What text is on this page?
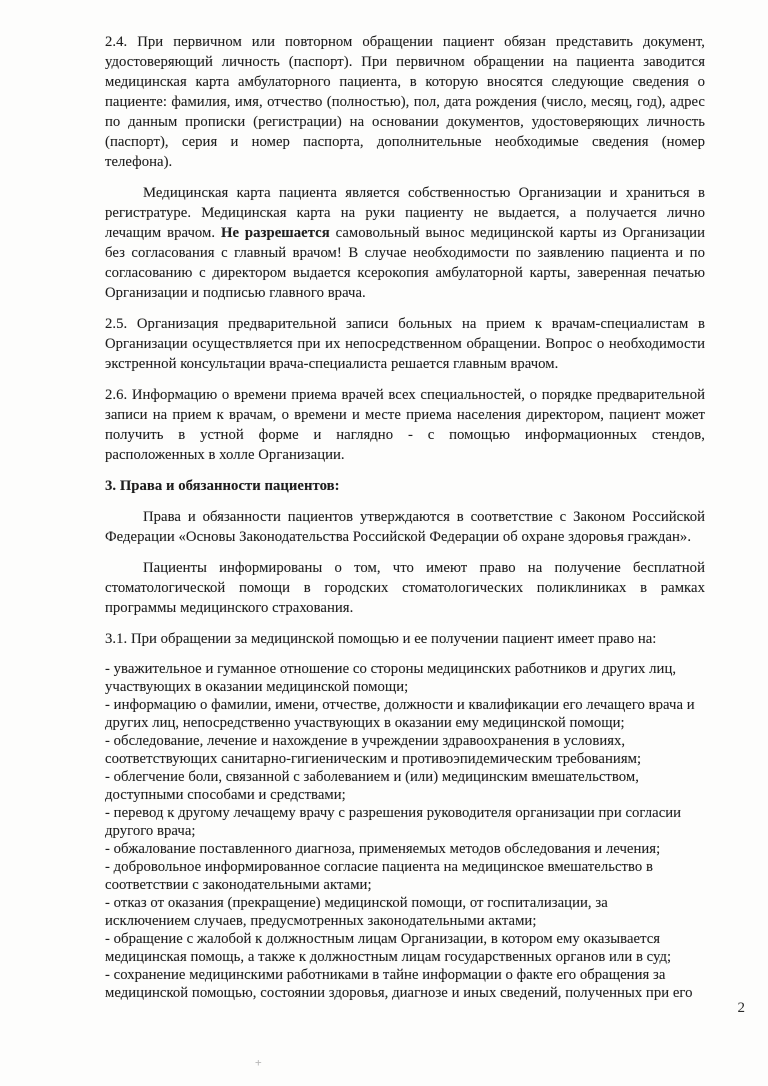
2.4. При первичном или повторном обращении пациент обязан представить документ,
удостоверяющий личность (паспорт). При первичном обращении на пациента заводится
медицинская карта амбулаторного пациента, в которую вносятся следующие сведения о
пациенте: фамилия, имя, отчество (полностью), пол, дата рождения (число, месяц, год), адрес
по данным прописки (регистрации) на основании документов, удостоверяющих личность
(паспорт), серия и номер паспорта, дополнительные необходимые сведения (номер
телефона).
Медицинская карта пациента является собственностью Организации и храниться в
регистратуре. Медицинская карта на руки пациенту не выдается, а получается лично
лечащим врачом. Не разрешается самовольный вынос медицинской карты из Организации
без согласования с главный врачом! В случае необходимости по заявлению пациента и по
согласованию с директором выдается ксерокопия амбулаторной карты, заверенная печатью
Организации и подписью главного врача.
2.5. Организация предварительной записи больных на прием к врачам-специалистам в
Организации осуществляется при их непосредственном обращении. Вопрос о необходимости
экстренной консультации врача-специалиста решается главным врачом.
2.6. Информацию о времени приема врачей всех специальностей, о порядке предварительной
записи на прием к врачам, о времени и месте приема населения директором, пациент может
получить в устной форме и наглядно - с помощью информационных стендов,
расположенных в холле Организации.
3. Права и обязанности пациентов:
Права и обязанности пациентов утверждаются в соответствие с Законом Российской
Федерации «Основы Законодательства Российской Федерации об охране здоровья граждан».
Пациенты информированы о том, что имеют право на получение бесплатной
стоматологической помощи в городских стоматологических поликлиниках в рамках
программы медицинского страхования.
3.1. При обращении за медицинской помощью и ее получении пациент имеет право на:
- уважительное и гуманное отношение со стороны медицинских работников и других лиц,
участвующих в оказании медицинской помощи;
- информацию о фамилии, имени, отчестве, должности и квалификации его лечащего врача и
других лиц, непосредственно участвующих в оказании ему медицинской помощи;
- обследование, лечение и нахождение в учреждении здравоохранения в условиях,
соответствующих санитарно-гигиеническим и противоэпидемическим требованиям;
- облегчение боли, связанной с заболеванием и (или) медицинским вмешательством,
доступными способами и средствами;
- перевод к другому лечащему врачу с разрешения руководителя организации при согласии
другого врача;
- обжалование поставленного диагноза, применяемых методов обследования и лечения;
- добровольное информированное согласие пациента на медицинское вмешательство в
соответствии с законодательными актами;
- отказ от оказания (прекращение) медицинской помощи, от госпитализации, за
исключением случаев, предусмотренных законодательными актами;
- обращение с жалобой к должностным лицам Организации, в котором ему оказывается
медицинская помощь, а также к должностным лицам государственных органов или в суд;
- сохранение медицинскими работниками в тайне информации о факте его обращения за
медицинской помощью, состоянии здоровья, диагнозе и иных сведений, полученных при его
2
+
